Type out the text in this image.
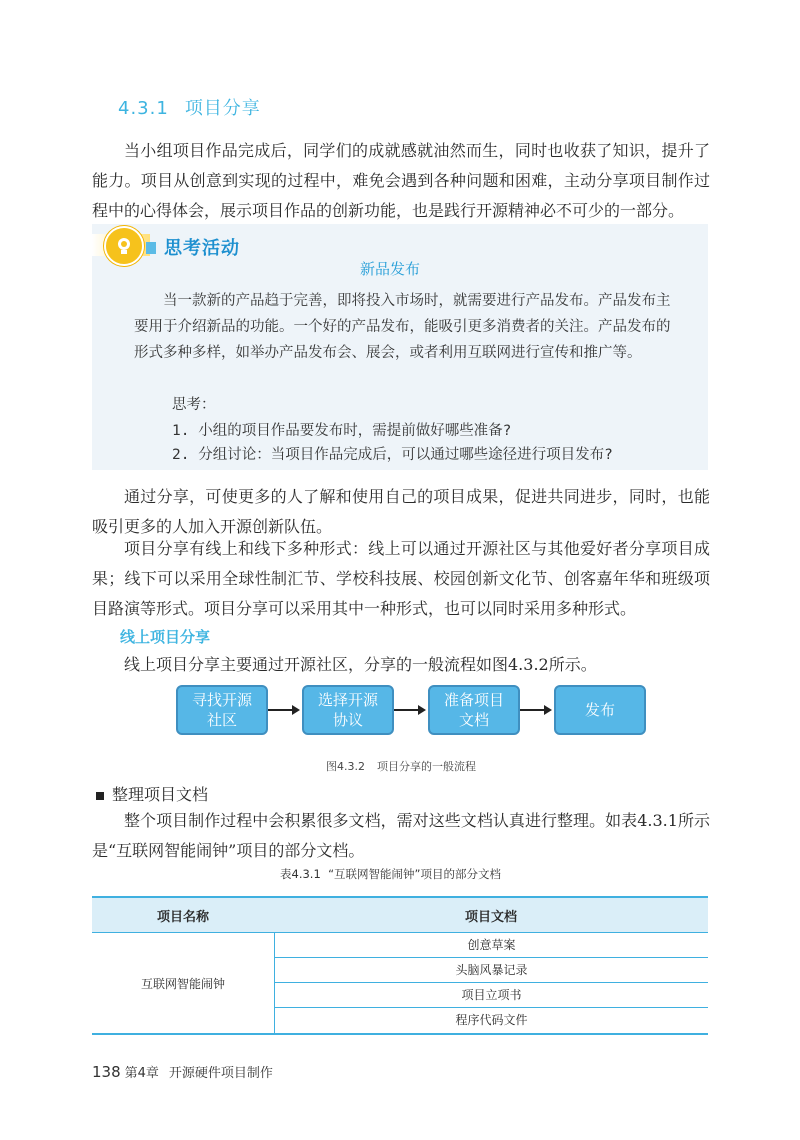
4.3.1 项目分享
当小组项目作品完成后，同学们的成就感就油然而生，同时也收获了知识，提升了能力。项目从创意到实现的过程中，难免会遇到各种问题和困难，主动分享项目制作过程中的心得体会，展示项目作品的创新功能，也是践行开源精神必不可少的一部分。
思考活动
新品发布
当一款新的产品趋于完善，即将投入市场时，就需要进行产品发布。产品发布主要用于介绍新品的功能。一个好的产品发布，能吸引更多消费者的关注。产品发布的形式多种多样，如举办产品发布会、展会，或者利用互联网进行宣传和推广等。
思考：
1. 小组的项目作品要发布时，需提前做好哪些准备?
2. 分组讨论：当项目作品完成后，可以通过哪些途径进行项目发布?
通过分享，可使更多的人了解和使用自己的项目成果，促进共同进步，同时，也能吸引更多的人加入开源创新队伍。
项目分享有线上和线下多种形式：线上可以通过开源社区与其他爱好者分享项目成果；线下可以采用全球性制汇节、学校科技展、校园创新文化节、创客嘉年华和班级项目路演等形式。项目分享可以采用其中一种形式，也可以同时采用多种形式。
线上项目分享
线上项目分享主要通过开源社区，分享的一般流程如图4.3.2所示。
寻找开源
社区
选择开源
协议
准备项目
文档
发布
图4.3.2 项目分享的一般流程
整理项目文档
整个项目制作过程中会积累很多文档，需对这些文档认真进行整理。如表4.3.1所示是“互联网智能闹钟”项目的部分文档。
表4.3.1 “互联网智能闹钟”项目的部分文档
项目名称	项目文档
互联网智能闹钟
创意草案
头脑风暴记录
项目立项书
程序代码文件
138 第4章 开源硬件项目制作
